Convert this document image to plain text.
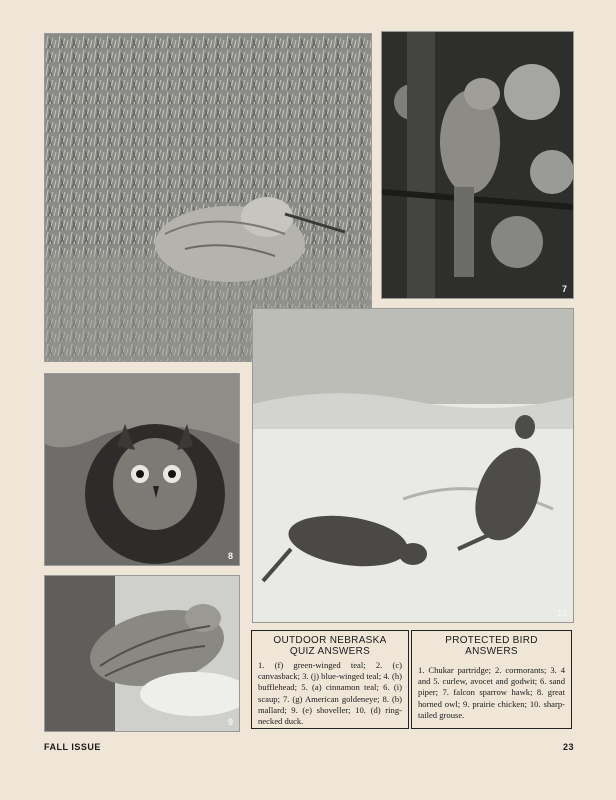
7
8
9
10
OUTDOOR NEBRASKA
QUIZ ANSWERS

1. (f) green-winged teal; 2. (c) canvasback; 3. (j) blue-winged teal; 4. (h) bufflehead; 5. (a) cinnamon teal; 6. (i) scaup; 7. (g) American goldeneye; 8. (b) mallard; 9. (e) shoveller; 10. (d) ring-necked duck.

PROTECTED BIRD
ANSWERS

1. Chukar partridge; 2. cormorants; 3. 4 and 5. curlew, avocet and godwit; 6. sand piper; 7. falcon sparrow hawk; 8. great horned owl; 9. prairie chicken; 10. sharp-tailed grouse.

FALL ISSUE	23
